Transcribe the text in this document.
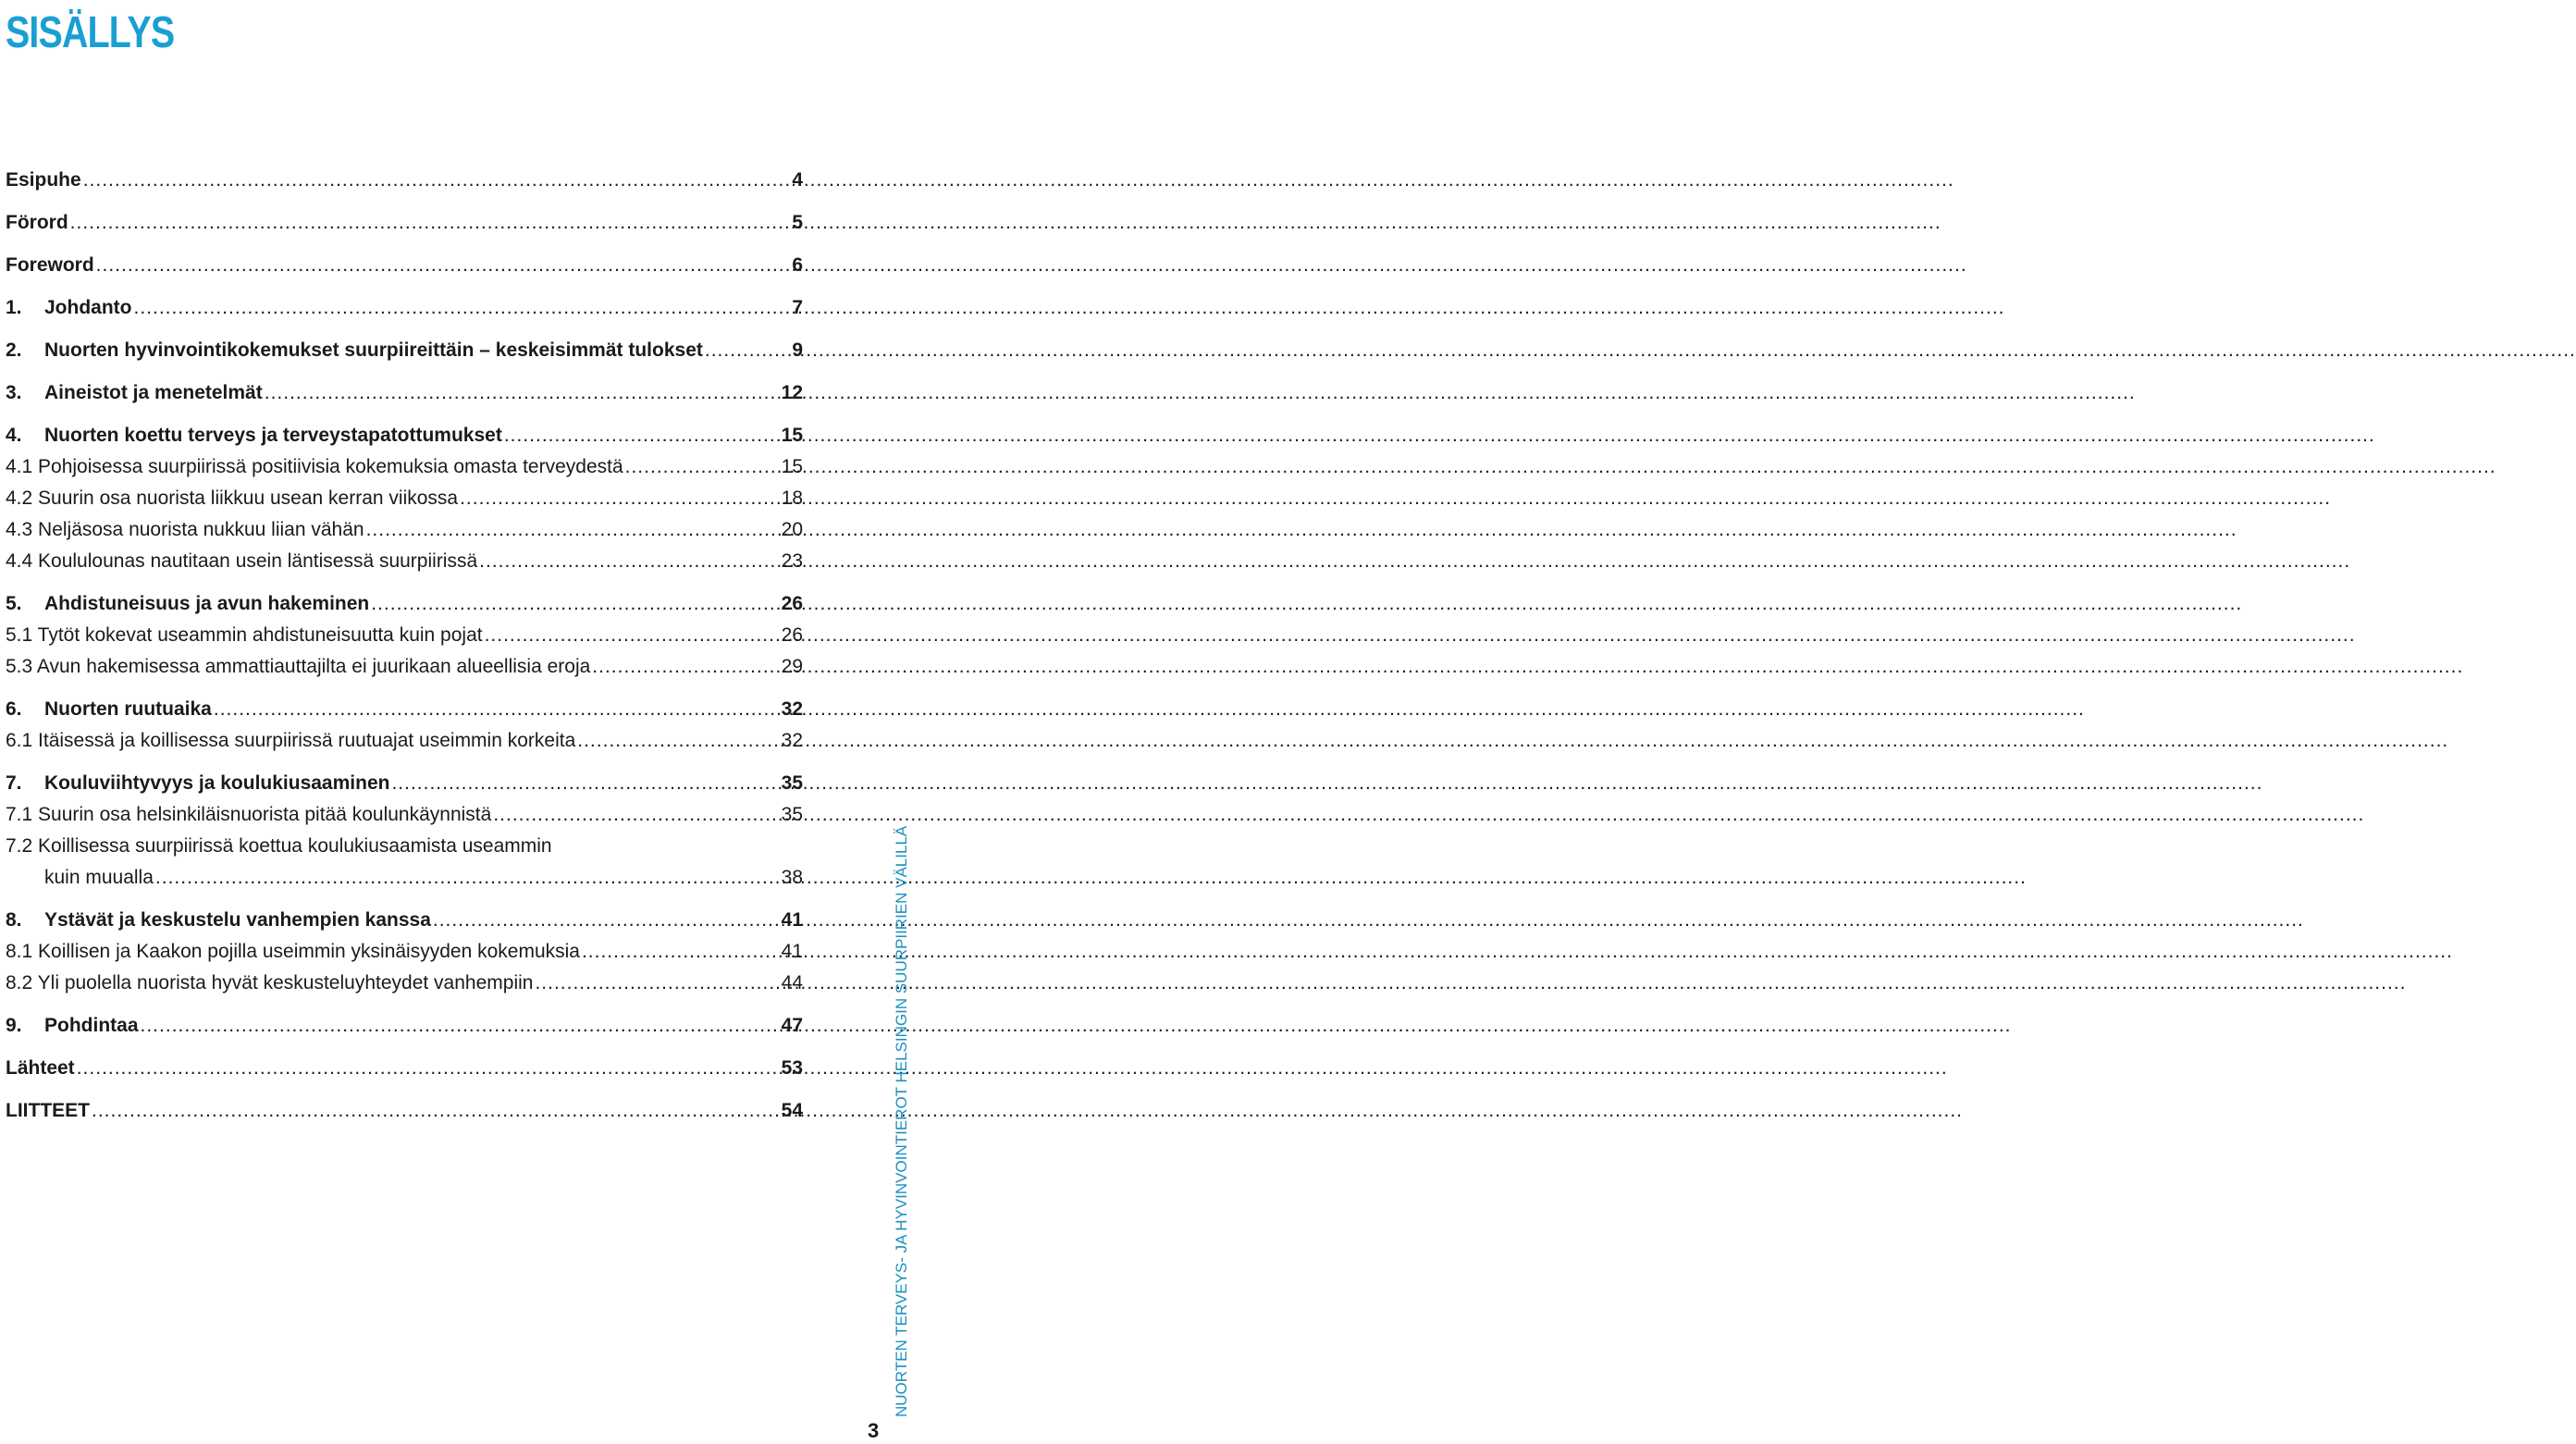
SISÄLLYS
Esipuhe .....	4
Förord .....	5
Foreword .....	6
1. Johdanto .....	7
2. Nuorten hyvinvointikokemukset suurpiireittäin – keskeisimmät tulokset .....	9
3. Aineistot ja menetelmät .....	12
4. Nuorten koettu terveys ja terveystapatottumukset .....	15
4.1 Pohjoisessa suurpiirissä positiivisia kokemuksia omasta terveydestä .....	15
4.2 Suurin osa nuorista liikkuu usean kerran viikossa .....	18
4.3 Neljäsosa nuorista nukkuu liian vähän .....	20
4.4 Koululounas nautitaan usein läntisessä suurpiirissä .....	23
5. Ahdistuneisuus ja avun hakeminen .....	26
5.1 Tytöt kokevat useammin ahdistuneisuutta kuin pojat .....	26
5.3 Avun hakemisessa ammattiauttajilta ei juurikaan alueellisia eroja .....	29
6. Nuorten ruutuaika .....	32
6.1 Itäisessä ja koillisessa suurpiirissä ruutuajat useimmin korkeita .....	32
7. Kouluviihtyvyys ja koulukiusaaminen .....	35
7.1 Suurin osa helsinkiläisnuorista pitää koulunkäynnistä .....	35
7.2 Koillisessa suurpiirissä koettua koulukiusaamista useammin
kuin muualla .....	38
8. Ystävät ja keskustelu vanhempien kanssa .....	41
8.1 Koillisen ja Kaakon pojilla useimmin yksinäisyyden kokemuksia .....	41
8.2 Yli puolella nuorista hyvät keskusteluyhteydet vanhempiin .....	44
9. Pohdintaa .....	47
Lähteet .....	53
LIITTEET .....	54	NUORTEN TERVEYS- JA HYVINVOINTIEROT HELSINGIN SUURPIIRIEN VÄLILLÄ
3
